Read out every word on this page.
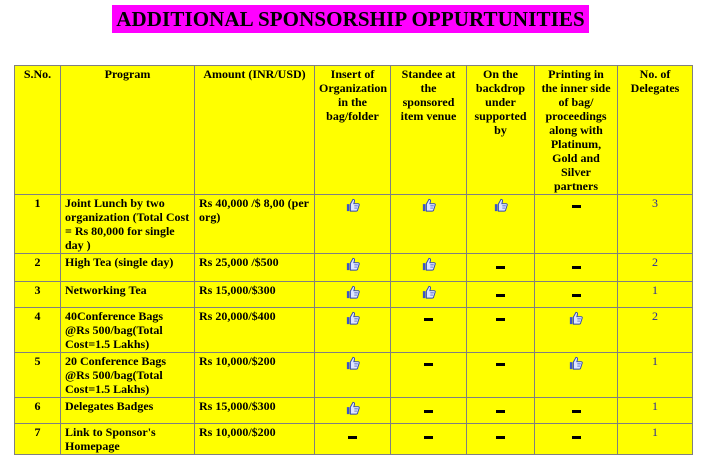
ADDITIONAL SPONSORSHIP OPPURTUNITIES
S.No.	Program	Amount (INR/USD)	Insert of Organization in the bag/folder	Standee at the sponsored item venue	On the backdrop under supported by	Printing in the inner side of bag/ proceedings along with Platinum, Gold and Silver partners	No. of Delegates
1	Joint Lunch by two organization (Total Cost = Rs 80,000 for single day )	Rs 40,000 /$ 8,00 (per org)					3
2	High Tea (single day)	Rs 25,000 /$500					2
3	Networking Tea	Rs 15,000/$300					1
4	40Conference Bags @Rs 500/bag(Total Cost=1.5 Lakhs)	Rs 20,000/$400					2
5	20 Conference Bags @Rs 500/bag(Total Cost=1.5 Lakhs)	Rs 10,000/$200					1
6	Delegates Badges	Rs 15,000/$300					1
7	Link to Sponsor's Homepage	Rs 10,000/$200					1
